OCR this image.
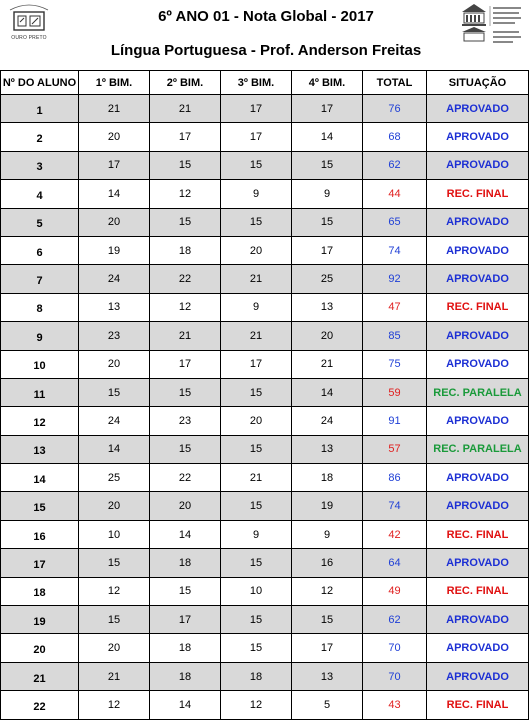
OURO PRETO
6º ANO 01 - Nota Global - 2017
Língua Portuguesa - Prof. Anderson Freitas
Nº DO ALUNO	1º BIM.	2º BIM.	3º BIM.	4º BIM.	TOTAL	SITUAÇÃO
1	21	21	17	17	76	APROVADO
2	20	17	17	14	68	APROVADO
3	17	15	15	15	62	APROVADO
4	14	12	9	9	44	REC. FINAL
5	20	15	15	15	65	APROVADO
6	19	18	20	17	74	APROVADO
7	24	22	21	25	92	APROVADO
8	13	12	9	13	47	REC. FINAL
9	23	21	21	20	85	APROVADO
10	20	17	17	21	75	APROVADO
11	15	15	15	14	59	REC. PARALELA
12	24	23	20	24	91	APROVADO
13	14	15	15	13	57	REC. PARALELA
14	25	22	21	18	86	APROVADO
15	20	20	15	19	74	APROVADO
16	10	14	9	9	42	REC. FINAL
17	15	18	15	16	64	APROVADO
18	12	15	10	12	49	REC. FINAL
19	15	17	15	15	62	APROVADO
20	20	18	15	17	70	APROVADO
21	21	18	18	13	70	APROVADO
22	12	14	12	5	43	REC. FINAL
